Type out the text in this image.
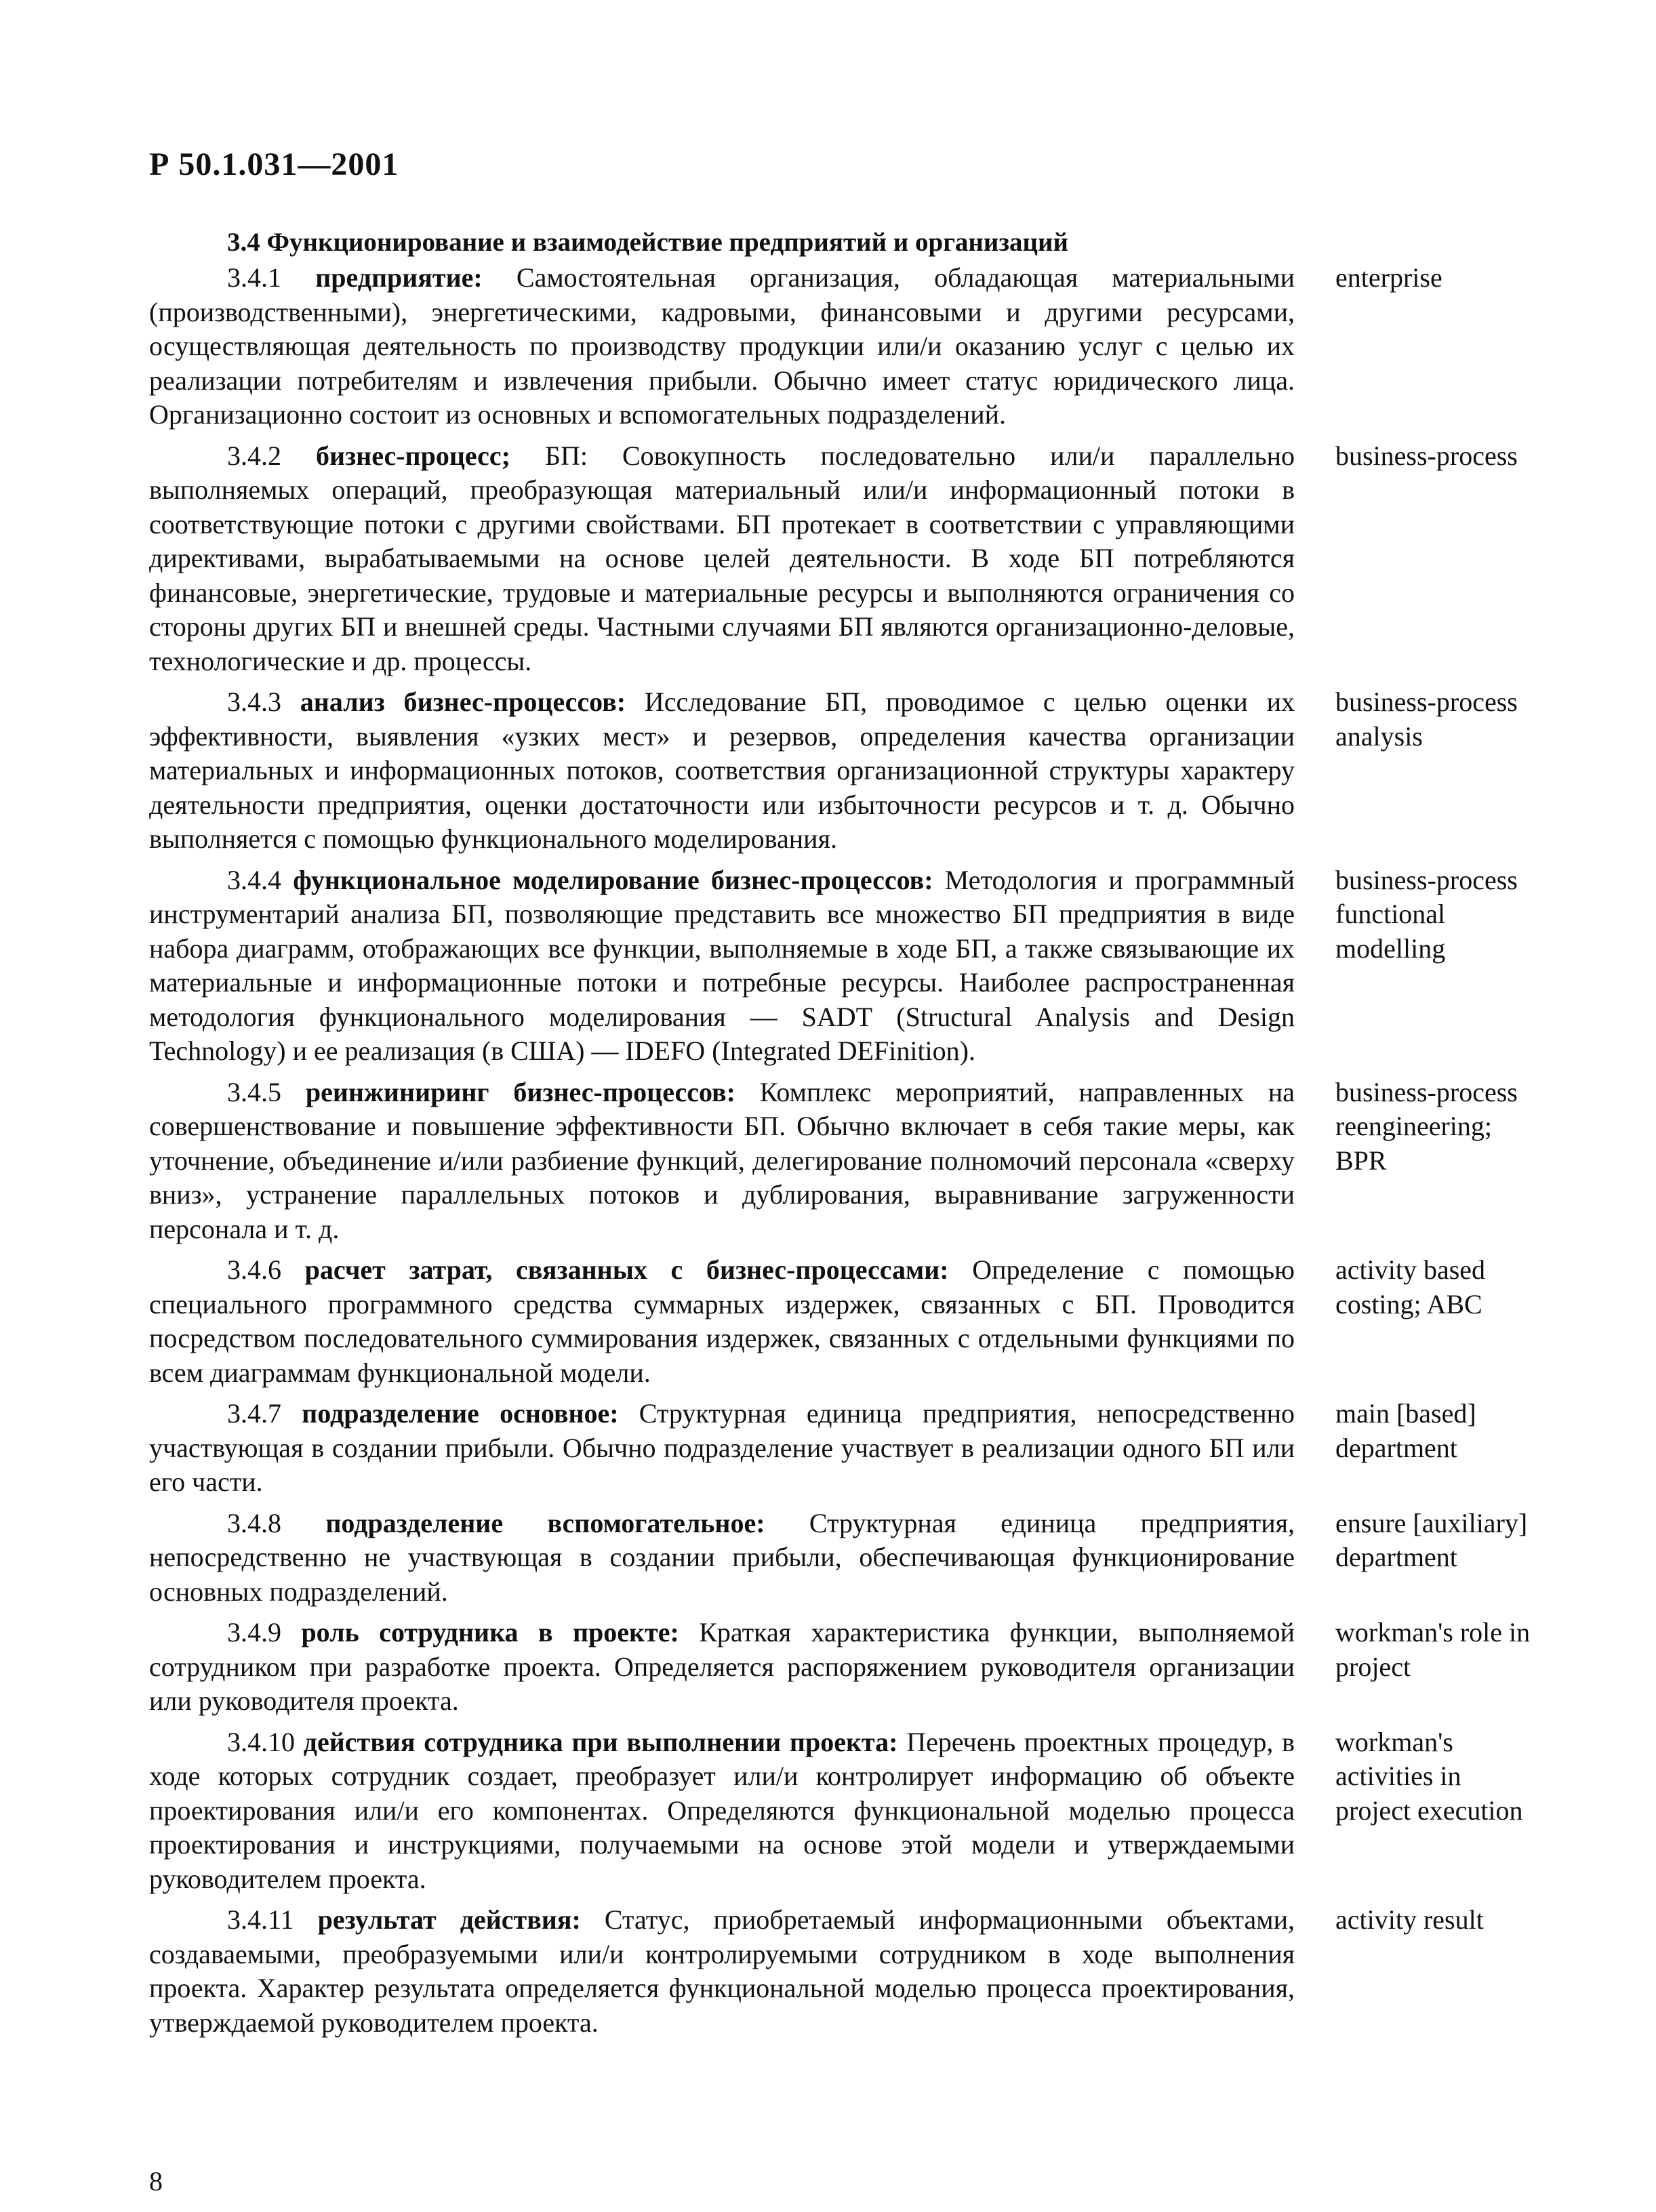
Р 50.1.031—2001
3.4 Функционирование и взаимодействие предприятий и организаций
3.4.1 предприятие: Самостоятельная организация, обладающая материальными (производственными), энергетическими, кадровыми, финансовыми и другими ресурсами, осуществляющая деятельность по производству продукции или/и оказанию услуг с целью их реализации потребителям и извлечения прибыли. Обычно имеет статус юридического лица. Организационно состоит из основных и вспомогательных подразделений.
enterprise
3.4.2 бизнес-процесс; БП: Совокупность последовательно или/и параллельно выполняемых операций, преобразующая материальный или/и информационный потоки в соответствующие потоки с другими свойствами. БП протекает в соответствии с управляющими директивами, вырабатываемыми на основе целей деятельности. В ходе БП потребляются финансовые, энергетические, трудовые и материальные ресурсы и выполняются ограничения со стороны других БП и внешней среды. Частными случаями БП являются организационно-деловые, технологические и др. процессы.
business-process
3.4.3 анализ бизнес-процессов: Исследование БП, проводимое с целью оценки их эффективности, выявления «узких мест» и резервов, определения качества организации материальных и информационных потоков, соответствия организационной структуры характеру деятельности предприятия, оценки достаточности или избыточности ресурсов и т. д. Обычно выполняется с помощью функционального моделирования.
business-process analysis
3.4.4 функциональное моделирование бизнес-процессов: Методология и программный инструментарий анализа БП, позволяющие представить все множество БП предприятия в виде набора диаграмм, отображающих все функции, выполняемые в ходе БП, а также связывающие их материальные и информационные потоки и потребные ресурсы. Наиболее распространенная методология функционального моделирования — SADT (Structural Analysis and Design Technology) и ее реализация (в США) — IDEFO (Integrated DEFinition).
business-process functional modelling
3.4.5 реинжиниринг бизнес-процессов: Комплекс мероприятий, направленных на совершенствование и повышение эффективности БП. Обычно включает в себя такие меры, как уточнение, объединение и/или разбиение функций, делегирование полномочий персонала «сверху вниз», устранение параллельных потоков и дублирования, выравнивание загруженности персонала и т. д.
business-process reengineering; BPR
3.4.6 расчет затрат, связанных с бизнес-процессами: Определение с помощью специального программного средства суммарных издержек, связанных с БП. Проводится посредством последовательного суммирования издержек, связанных с отдельными функциями по всем диаграммам функциональной модели.
activity based costing; ABC
3.4.7 подразделение основное: Структурная единица предприятия, непосредственно участвующая в создании прибыли. Обычно подразделение участвует в реализации одного БП или его части.
main [based] department
3.4.8 подразделение вспомогательное: Структурная единица предприятия, непосредственно не участвующая в создании прибыли, обеспечивающая функционирование основных подразделений.
ensure [auxiliary] department
3.4.9 роль сотрудника в проекте: Краткая характеристика функции, выполняемой сотрудником при разработке проекта. Определяется распоряжением руководителя организации или руководителя проекта.
workman's role in project
3.4.10 действия сотрудника при выполнении проекта: Перечень проектных процедур, в ходе которых сотрудник создает, преобразует или/и контролирует информацию об объекте проектирования или/и его компонентах. Определяются функциональной моделью процесса проектирования и инструкциями, получаемыми на основе этой модели и утверждаемыми руководителем проекта.
workman's activities in project execution
3.4.11 результат действия: Статус, приобретаемый информационными объектами, создаваемыми, преобразуемыми или/и контролируемыми сотрудником в ходе выполнения проекта. Характер результата определяется функциональной моделью процесса проектирования, утверждаемой руководителем проекта.
activity result
8
